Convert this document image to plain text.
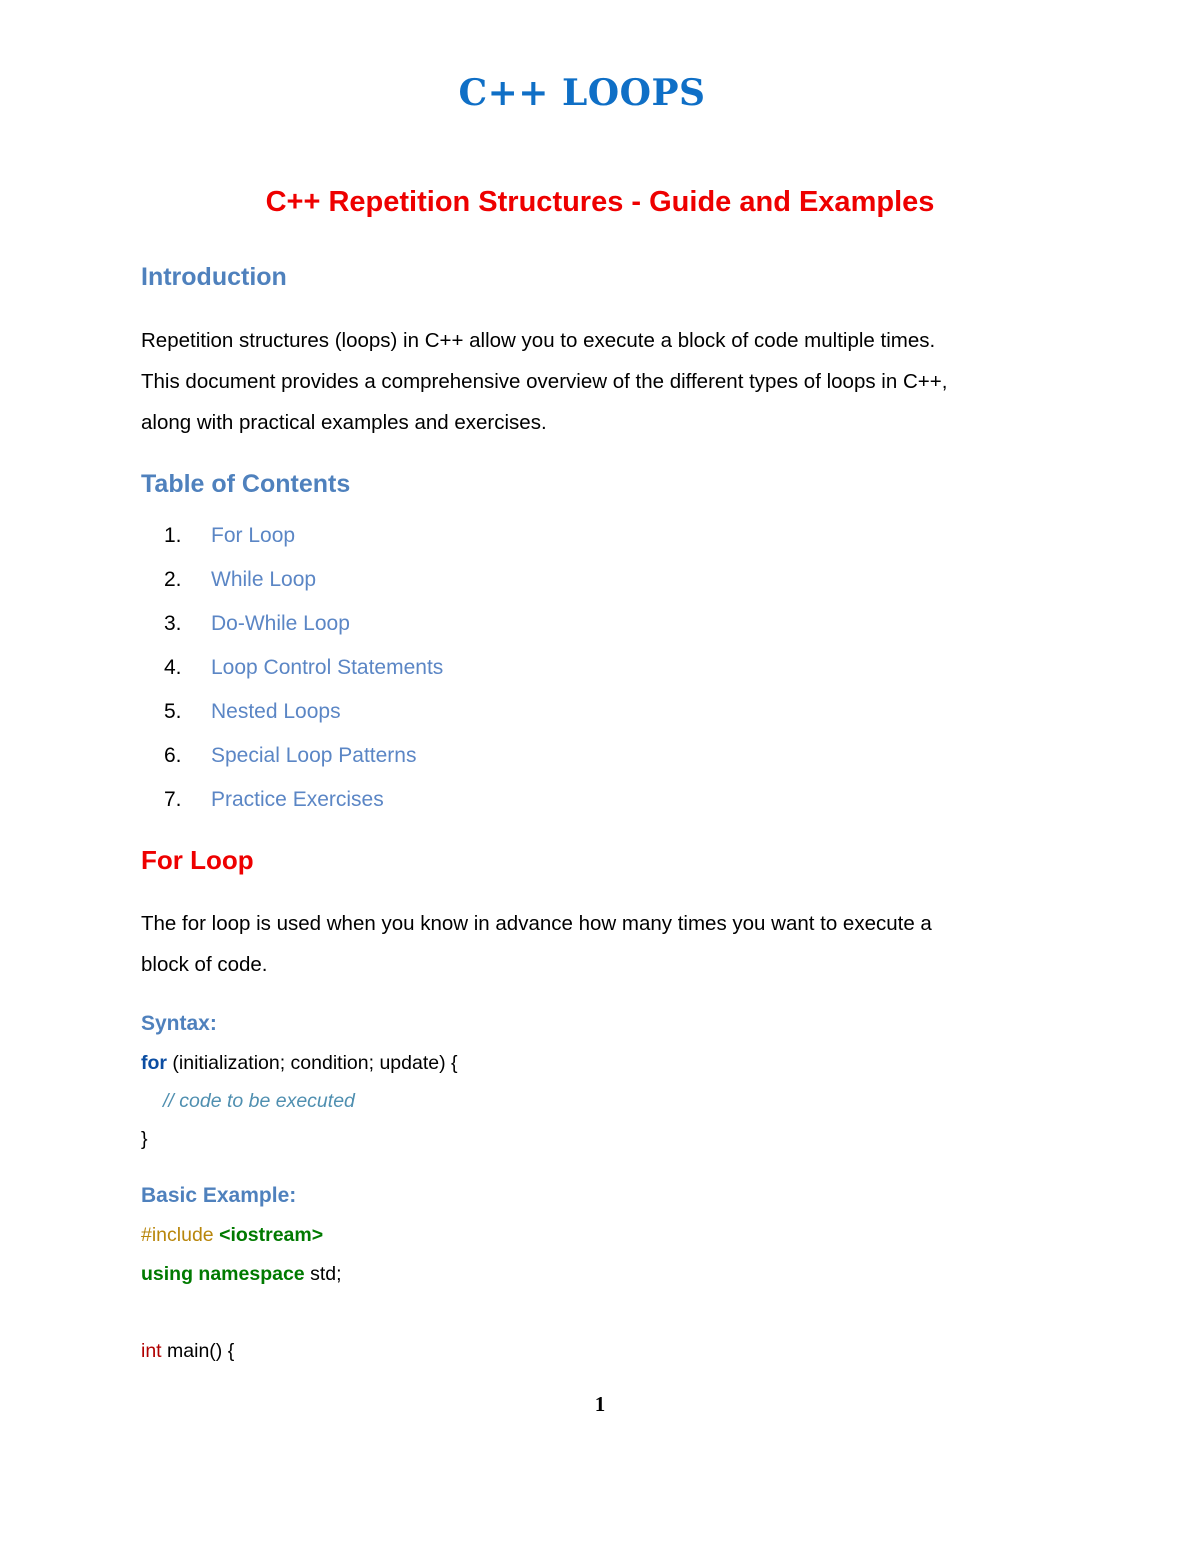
C++ LOOPS
C++ Repetition Structures - Guide and Examples
Introduction
Repetition structures (loops) in C++ allow you to execute a block of code multiple times.
This document provides a comprehensive overview of the different types of loops in C++,
along with practical examples and exercises.
Table of Contents
1. For Loop
2. While Loop
3. Do-While Loop
4. Loop Control Statements
5. Nested Loops
6. Special Loop Patterns
7. Practice Exercises
For Loop
The for loop is used when you know in advance how many times you want to execute a
block of code.
Syntax:
for (initialization; condition; update) {
// code to be executed
}
Basic Example:
#include <iostream>
using namespace std;
int main() {
1
